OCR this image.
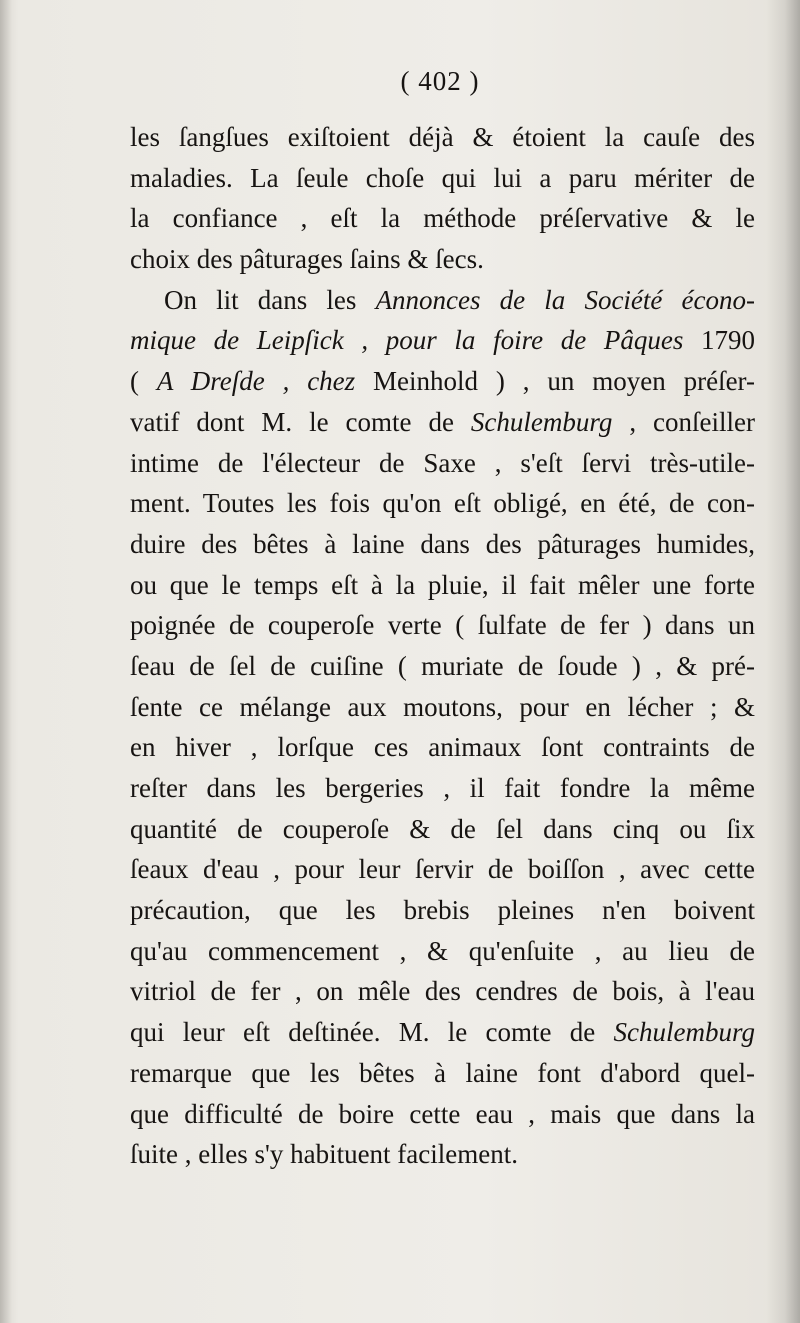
( 402 )
les ſangſues exiſtoient déjà & étoient la cauſe des
maladies. La ſeule choſe qui lui a paru mériter de
la confiance , eſt la méthode préſervative & le
choix des pâturages ſains & ſecs.
On lit dans les Annonces de la Société écono-
mique de Leipſick , pour la foire de Pâques 1790
( A Dreſde , chez Meinhold ) , un moyen préſer-
vatif dont M. le comte de Schulemburg , conſeiller
intime de l'électeur de Saxe , s'eſt ſervi très-utile-
ment. Toutes les fois qu'on eſt obligé, en été, de con-
duire des bêtes à laine dans des pâturages humides,
ou que le temps eſt à la pluie, il fait mêler une forte
poignée de couperoſe verte ( ſulfate de fer ) dans un
ſeau de ſel de cuiſine ( muriate de ſoude ) , & pré-
ſente ce mélange aux moutons, pour en lécher ; &
en hiver , lorſque ces animaux ſont contraints de
reſter dans les bergeries , il fait fondre la même
quantité de couperoſe & de ſel dans cinq ou ſix
ſeaux d'eau , pour leur ſervir de boiſſon , avec cette
précaution, que les brebis pleines n'en boivent
qu'au commencement , & qu'enſuite , au lieu de
vitriol de fer , on mêle des cendres de bois, à l'eau
qui leur eſt deſtinée. M. le comte de Schulemburg
remarque que les bêtes à laine font d'abord quel-
que difficulté de boire cette eau , mais que dans la
ſuite , elles s'y habituent facilement.
